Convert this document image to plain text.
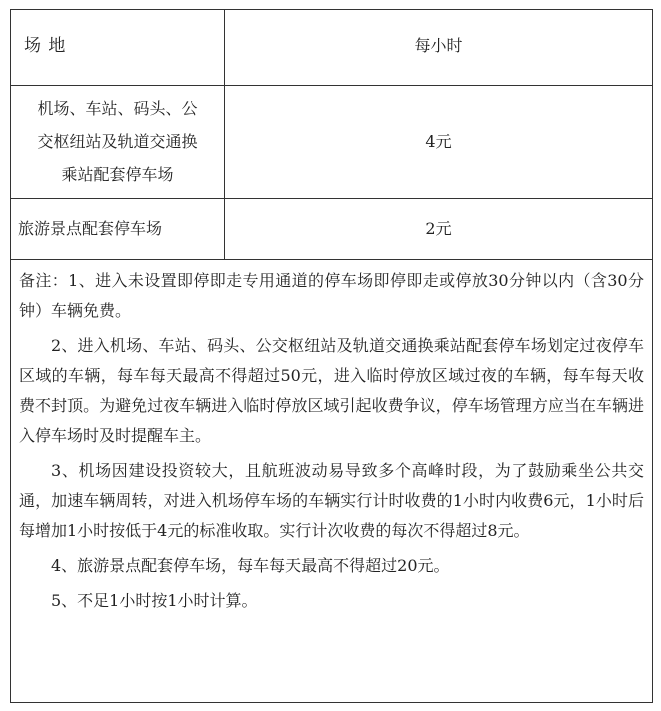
场 地	每小时
机场、车站、码头、公
交枢纽站及轨道交通换
乘站配套停车场
4元
旅游景点配套停车场	2元

备注：1、进入未设置即停即走专用通道的停车场即停即走或停放30分钟以内（含30分钟）车辆免费。

2、进入机场、车站、码头、公交枢纽站及轨道交通换乘站配套停车场划定过夜停车区域的车辆，每车每天最高不得超过50元，进入临时停放区域过夜的车辆，每车每天收费不封顶。为避免过夜车辆进入临时停放区域引起收费争议，停车场管理方应当在车辆进入停车场时及时提醒车主。

3、机场因建设投资较大，且航班波动易导致多个高峰时段，为了鼓励乘坐公共交通，加速车辆周转，对进入机场停车场的车辆实行计时收费的1小时内收费6元，1小时后每增加1小时按低于4元的标准收取。实行计次收费的每次不得超过8元。

4、旅游景点配套停车场，每车每天最高不得超过20元。

5、不足1小时按1小时计算。
